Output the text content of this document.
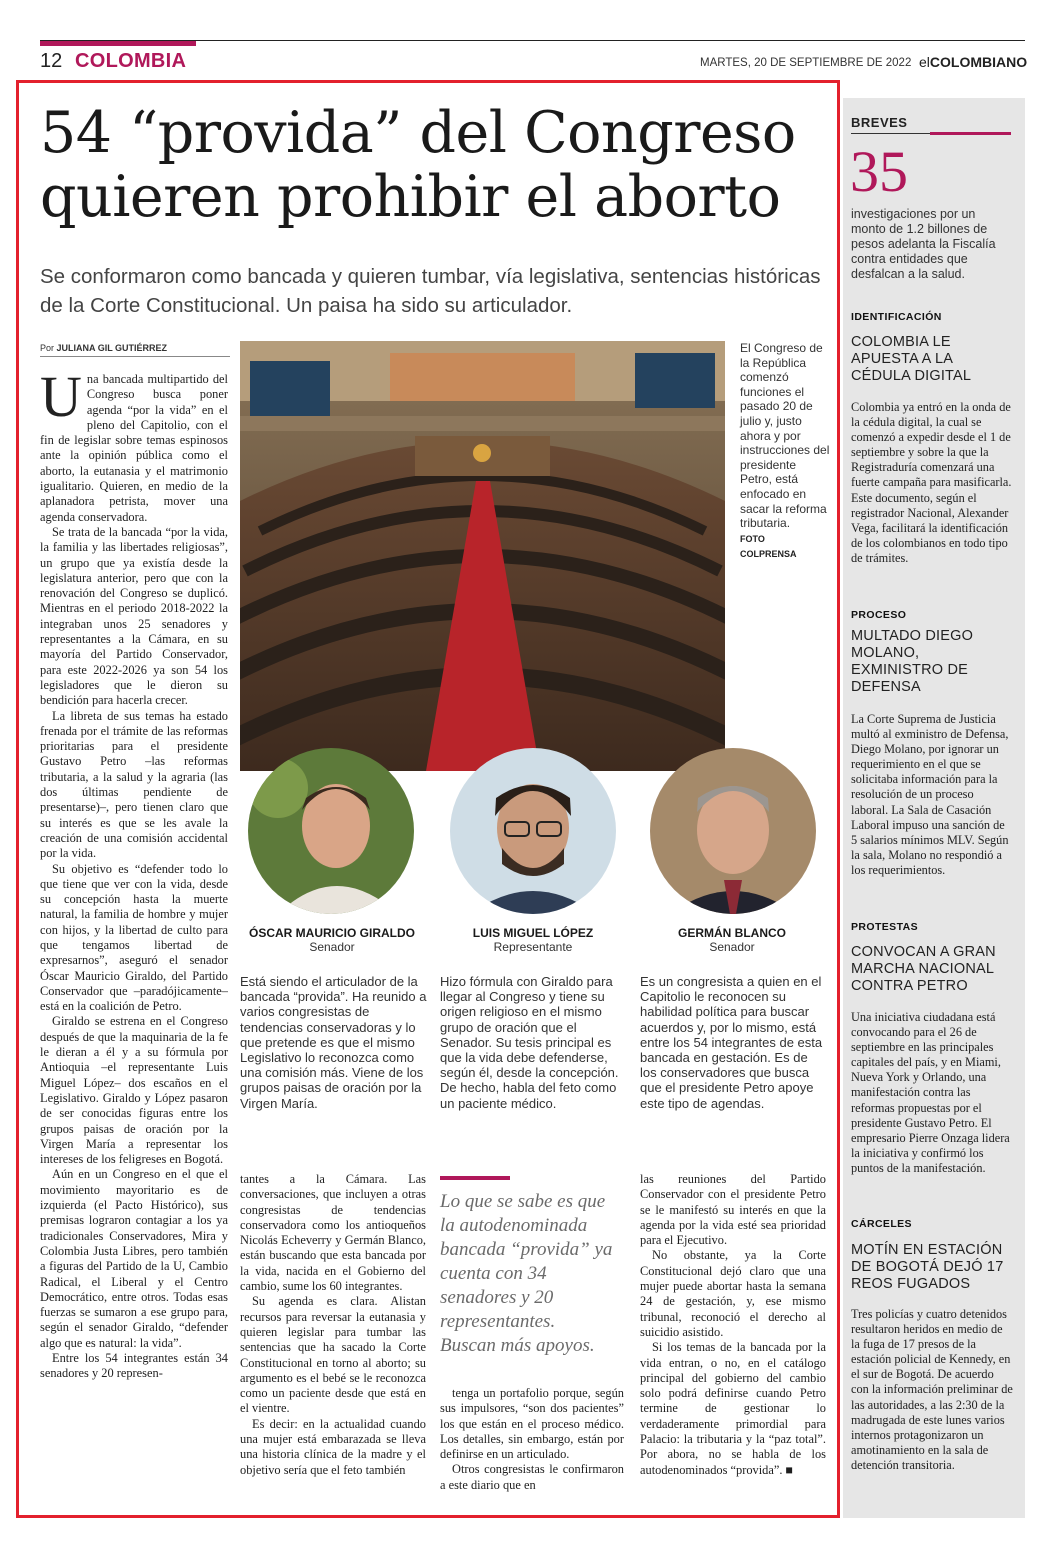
12 COLOMBIA	MARTES, 20 DE SEPTIEMBRE DE 2022 elCOLOMBIANO
54 “provida” del Congreso
quieren prohibir el aborto
Se conformaron como bancada y quieren tumbar, vía legislativa, sentencias históricas de la Corte Constitucional. Un paisa ha sido su articulador.
Por JULIANA GIL GUTIÉRREZ

Una bancada multipartido del Congreso busca poner agenda “por la vida” en el pleno del Capitolio, con el fin de legislar sobre temas espinosos ante la opinión pública como el aborto, la eutanasia y el matrimonio igualitario. Quieren, en medio de la aplanadora petrista, mover una agenda conservadora.

Se trata de la bancada “por la vida, la familia y las libertades religiosas”, un grupo que ya existía desde la legislatura anterior, pero que con la renovación del Congreso se duplicó. Mientras en el periodo 2018-2022 la integraban unos 25 senadores y representantes a la Cámara, en su mayoría del Partido Conservador, para este 2022-2026 ya son 54 los legisladores que le dieron su bendición para hacerla crecer.

La libreta de sus temas ha estado frenada por el trámite de las reformas prioritarias para el presidente Gustavo Petro –las reformas tributaria, a la salud y la agraria (las dos últimas pendiente de presentarse)–, pero tienen claro que su interés es que se les avale la creación de una comisión accidental por la vida.

Su objetivo es “defender todo lo que tiene que ver con la vida, desde su concepción hasta la muerte natural, la familia de hombre y mujer con hijos, y la libertad de culto para que tengamos libertad de expresarnos”, aseguró el senador Óscar Mauricio Giraldo, del Partido Conservador que –paradójicamente– está en la coalición de Petro.

Giraldo se estrena en el Congreso después de que la maquinaria de la fe le dieran a él y a su fórmula por Antioquia –el representante Luis Miguel López– dos escaños en el Legislativo. Giraldo y López pasaron de ser conocidas figuras entre los grupos paisas de oración por la Virgen María a representar los intereses de los feligreses en Bogotá.

Aún en un Congreso en el que el movimiento mayoritario es de izquierda (el Pacto Histórico), sus premisas lograron contagiar a los ya tradicionales Conservadores, Mira y Colombia Justa Libres, pero también a figuras del Partido de la U, Cambio Radical, el Liberal y el Centro Democrático, entre otros. Todas esas fuerzas se sumaron a ese grupo para, según el senador Giraldo, “defender algo que es natural: la vida”.

Entre los 54 integrantes están 34 senadores y 20 represen-

El Congreso de la República comenzó funciones el pasado 20 de julio y, justo ahora y por instrucciones del presidente Petro, está enfocado en sacar la reforma tributaria.
FOTO
COLPRENSA
ÓSCAR MAURICIO GIRALDO
Senador
LUIS MIGUEL LÓPEZ
Representante
GERMÁN BLANCO
Senador
Está siendo el articulador de la bancada “provida”. Ha reunido a varios congresistas de tendencias conservadoras y lo que pretende es que el mismo Legislativo lo reconozca como una comisión más. Viene de los grupos paisas de oración por la Virgen María.
Hizo fórmula con Giraldo para llegar al Congreso y tiene su origen religioso en el mismo grupo de oración que el Senador. Su tesis principal es que la vida debe defenderse, según él, desde la concepción. De hecho, habla del feto como un paciente médico.
Es un congresista a quien en el Capitolio le reconocen su habilidad política para buscar acuerdos y, por lo mismo, está entre los 54 integrantes de esta bancada en gestación. Es de los conservadores que busca que el presidente Petro apoye este tipo de agendas.

tantes a la Cámara. Las conversaciones, que incluyen a otras congresistas de tendencias conservadora como los antioqueños Nicolás Echeverry y Germán Blanco, están buscando que esta bancada por la vida, nacida en el Gobierno del cambio, sume los 60 integrantes.

Su agenda es clara. Alistan recursos para reversar la eutanasia y quieren legislar para tumbar las sentencias que ha sacado la Corte Constitucional en torno al aborto; su argumento es el bebé se le reconozca como un paciente desde que está en el vientre.

Es decir: en la actualidad cuando una mujer está embarazada se lleva una historia clínica de la madre y el objetivo sería que el feto también

Lo que se sabe es que la autodenominada bancada “provida” ya cuenta con 34 senadores y 20 representantes. Buscan más apoyos.

tenga un portafolio porque, según sus impulsores, “son dos pacientes” los que están en el proceso médico. Los detalles, sin embargo, están por definirse en un articulado.

Otros congresistas le confirmaron a este diario que en

las reuniones del Partido Conservador con el presidente Petro se le manifestó su interés en que la agenda por la vida esté sea prioridad para el Ejecutivo.

No obstante, ya la Corte Constitucional dejó claro que una mujer puede abortar hasta la semana 24 de gestación, y, ese mismo tribunal, reconoció el derecho al suicidio asistido.

Si los temas de la bancada por la vida entran, o no, en el catálogo principal del gobierno del cambio solo podrá definirse cuando Petro termine de gestionar lo verdaderamente primordial para Palacio: la tributaria y la “paz total”. Por abora, no se habla de los autodenominados “provida”. ■

BREVES
35
investigaciones por un monto de 1.2 billones de pesos adelanta la Fiscalía contra entidades que desfalcan a la salud.
IDENTIFICACIÓN
COLOMBIA LE APUESTA A LA CÉDULA DIGITAL
Colombia ya entró en la onda de la cédula digital, la cual se comenzó a expedir desde el 1 de septiembre y sobre la que la Registraduría comenzará una fuerte campaña para masificarla. Este documento, según el registrador Nacional, Alexander Vega, facilitará la identificación de los colombianos en todo tipo de trámites.
PROCESO
MULTADO DIEGO MOLANO, EXMINISTRO DE DEFENSA
La Corte Suprema de Justicia multó al exministro de Defensa, Diego Molano, por ignorar un requerimiento en el que se solicitaba información para la resolución de un proceso laboral. La Sala de Casación Laboral impuso una sanción de 5 salarios mínimos MLV. Según la sala, Molano no respondió a los requerimientos.
PROTESTAS
CONVOCAN A GRAN MARCHA NACIONAL CONTRA PETRO
Una iniciativa ciudadana está convocando para el 26 de septiembre en las principales capitales del país, y en Miami, Nueva York y Orlando, una manifestación contra las reformas propuestas por el presidente Gustavo Petro. El empresario Pierre Onzaga lidera la iniciativa y confirmó los puntos de la manifestación.
CÁRCELES
MOTÍN EN ESTACIÓN DE BOGOTÁ DEJÓ 17 REOS FUGADOS
Tres policías y cuatro detenidos resultaron heridos en medio de la fuga de 17 presos de la estación policial de Kennedy, en el sur de Bogotá. De acuerdo con la información preliminar de las autoridades, a las 2:30 de la madrugada de este lunes varios internos protagonizaron un amotinamiento en la sala de detención transitoria.
